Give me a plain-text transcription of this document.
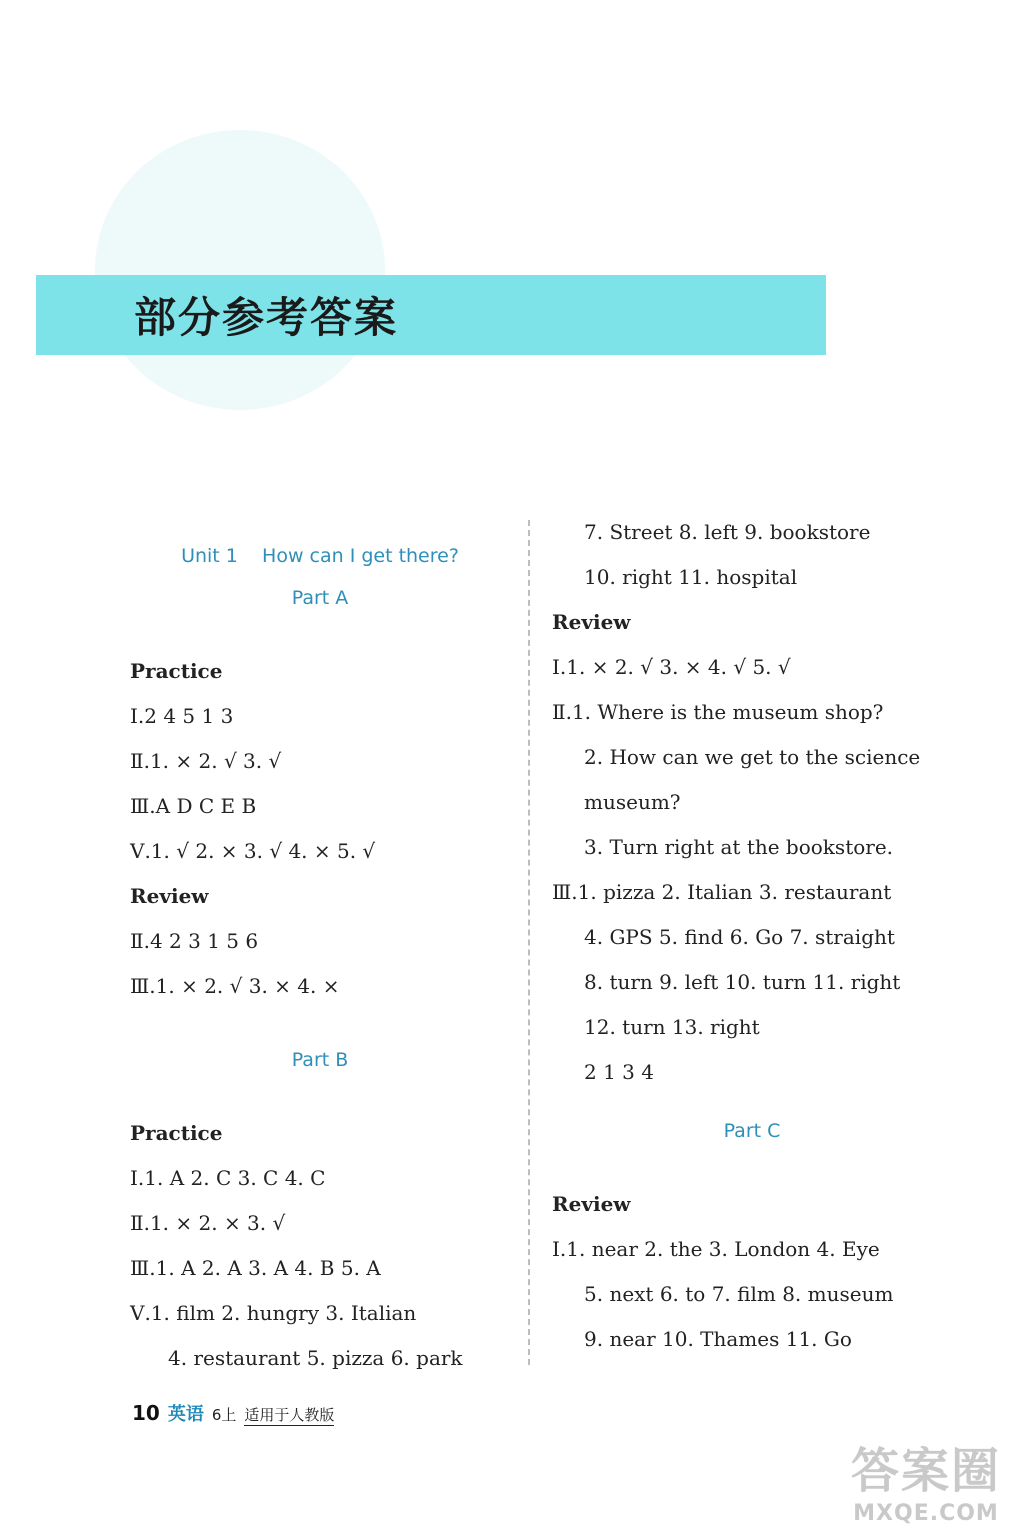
部分参考答案
Unit 1    How can I get there?
Part A
Practice
Ⅰ.2 4 5 1 3
Ⅱ.1. × 2. √ 3. √
Ⅲ.A D C E B
Ⅴ.1. √ 2. × 3. √ 4. × 5. √
Review
Ⅱ.4 2 3 1 5 6
Ⅲ.1. × 2. √ 3. × 4. ×
Part B
Practice
Ⅰ.1. A 2. C 3. C 4. C
Ⅱ.1. × 2. × 3. √
Ⅲ.1. A 2. A 3. A 4. B 5. A
Ⅴ.1. film 2. hungry 3. Italian
4. restaurant 5. pizza 6. park
7. Street 8. left 9. bookstore
10. right 11. hospital
Review
Ⅰ.1. × 2. √ 3. × 4. √ 5. √
Ⅱ.1. Where is the museum shop?
2. How can we get to the science
museum?
3. Turn right at the bookstore.
Ⅲ.1. pizza 2. Italian 3. restaurant
4. GPS 5. find 6. Go 7. straight
8. turn 9. left 10. turn 11. right
12. turn 13. right
2 1 3 4
Part C
Review
Ⅰ.1. near 2. the 3. London 4. Eye
5. next 6. to 7. film 8. museum
9. near 10. Thames 11. Go
10 英语 6上 适用于人教版
答案圈
MXQE.COM
